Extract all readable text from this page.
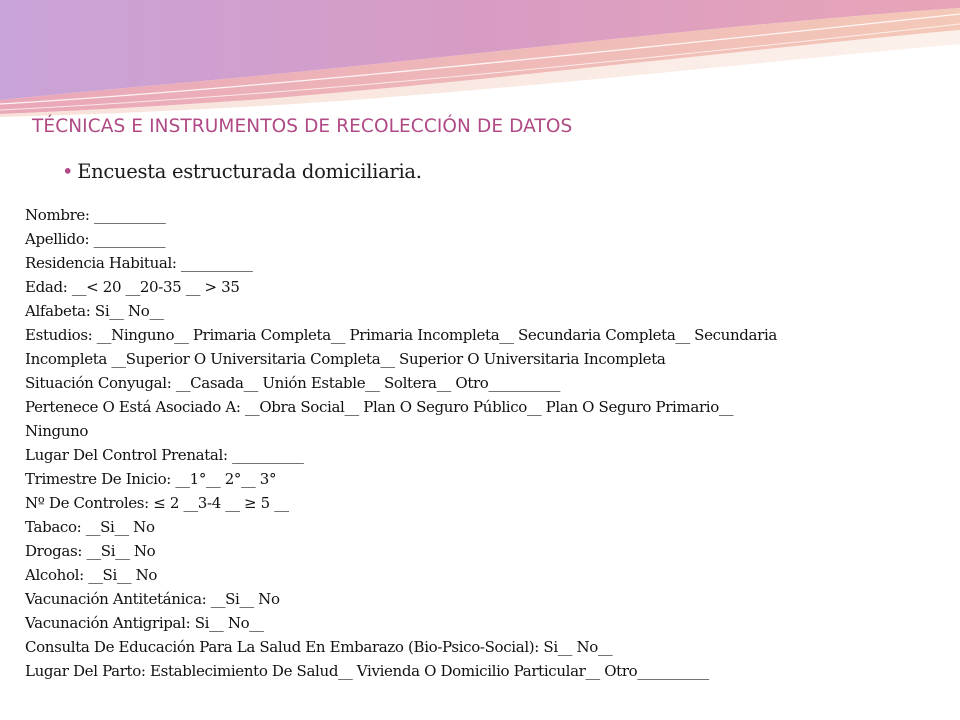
TÉCNICAS E INSTRUMENTOS DE RECOLECCIÓN DE DATOS
• Encuesta estructurada domiciliaria.
Nombre: __________
Apellido: __________
Residencia Habitual: __________
Edad: __< 20 __20-35 __ > 35
Alfabeta: Si__ No__
Estudios: __Ninguno__ Primaria Completa__ Primaria Incompleta__ Secundaria Completa__ Secundaria
Incompleta __Superior O Universitaria Completa__ Superior O Universitaria Incompleta
Situación Conyugal: __Casada__ Unión Estable__ Soltera__ Otro__________
Pertenece O Está Asociado A: __Obra Social__ Plan O Seguro Público__ Plan O Seguro Primario__
Ninguno
Lugar Del Control Prenatal: __________
Trimestre De Inicio: __1°__ 2°__ 3°
Nº De Controles: ≤ 2 __3-4 __ ≥ 5 __
Tabaco: __Si__ No
Drogas: __Si__ No
Alcohol: __Si__ No
Vacunación Antitetánica: __Si__ No
Vacunación Antigripal: Si__ No__
Consulta De Educación Para La Salud En Embarazo (Bio-Psico-Social): Si__ No__
Lugar Del Parto: Establecimiento De Salud__ Vivienda O Domicilio Particular__ Otro__________
